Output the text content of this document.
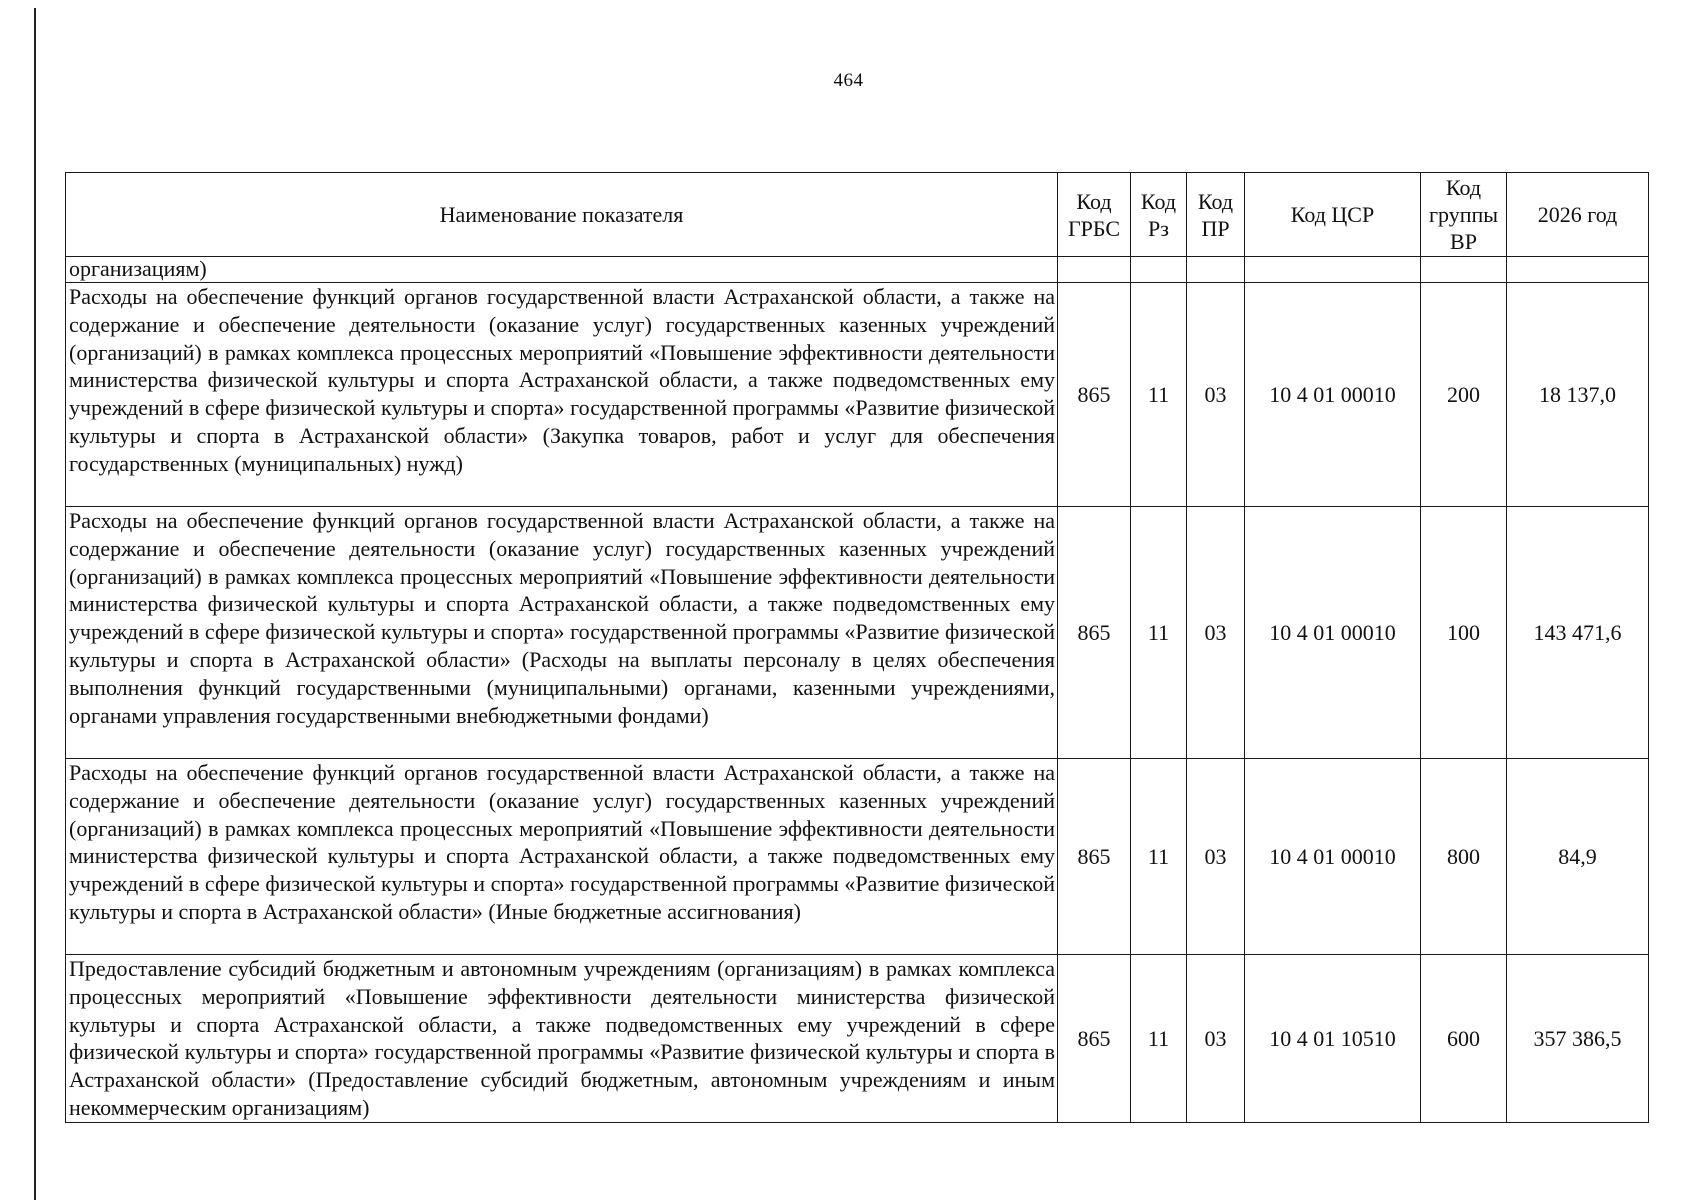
464
Наименование показателя	Код ГРБС	Код Рз	Код ПР	Код ЦСР	Код группы ВР	2026 год
организациям)						
Расходы на обеспечение функций органов государственной власти Астраханской области, а также на содержание и обеспечение деятельности (оказание услуг) государственных казенных учреждений (организаций) в рамках комплекса процессных мероприятий «Повышение эффективности деятельности министерства физической культуры и спорта Астраханской области, а также подведомственных ему учреждений в сфере физической культуры и спорта» государственной программы «Развитие физической культуры и спорта в Астраханской области» (Закупка товаров, работ и услуг для обеспечения государственных (муниципальных) нужд)	865	11	03	10 4 01 00010	200	18 137,0
Расходы на обеспечение функций органов государственной власти Астраханской области, а также на содержание и обеспечение деятельности (оказание услуг) государственных казенных учреждений (организаций) в рамках комплекса процессных мероприятий «Повышение эффективности деятельности министерства физической культуры и спорта Астраханской области, а также подведомственных ему учреждений в сфере физической культуры и спорта» государственной программы «Развитие физической культуры и спорта в Астраханской области» (Расходы на выплаты персоналу в целях обеспечения выполнения функций государственными (муниципальными) органами, казенными учреждениями, органами управления государственными внебюджетными фондами)	865	11	03	10 4 01 00010	100	143 471,6
Расходы на обеспечение функций органов государственной власти Астраханской области, а также на содержание и обеспечение деятельности (оказание услуг) государственных казенных учреждений (организаций) в рамках комплекса процессных мероприятий «Повышение эффективности деятельности министерства физической культуры и спорта Астраханской области, а также подведомственных ему учреждений в сфере физической культуры и спорта» государственной программы «Развитие физической культуры и спорта в Астраханской области» (Иные бюджетные ассигнования)	865	11	03	10 4 01 00010	800	84,9
Предоставление субсидий бюджетным и автономным учреждениям (организациям) в рамках комплекса процессных мероприятий «Повышение эффективности деятельности министерства физической культуры и спорта Астраханской области, а также подведомственных ему учреждений в сфере физической культуры и спорта» государственной программы «Развитие физической культуры и спорта в Астраханской области» (Предоставление субсидий бюджетным, автономным учреждениям и иным некоммерческим организациям)	865	11	03	10 4 01 10510	600	357 386,5
